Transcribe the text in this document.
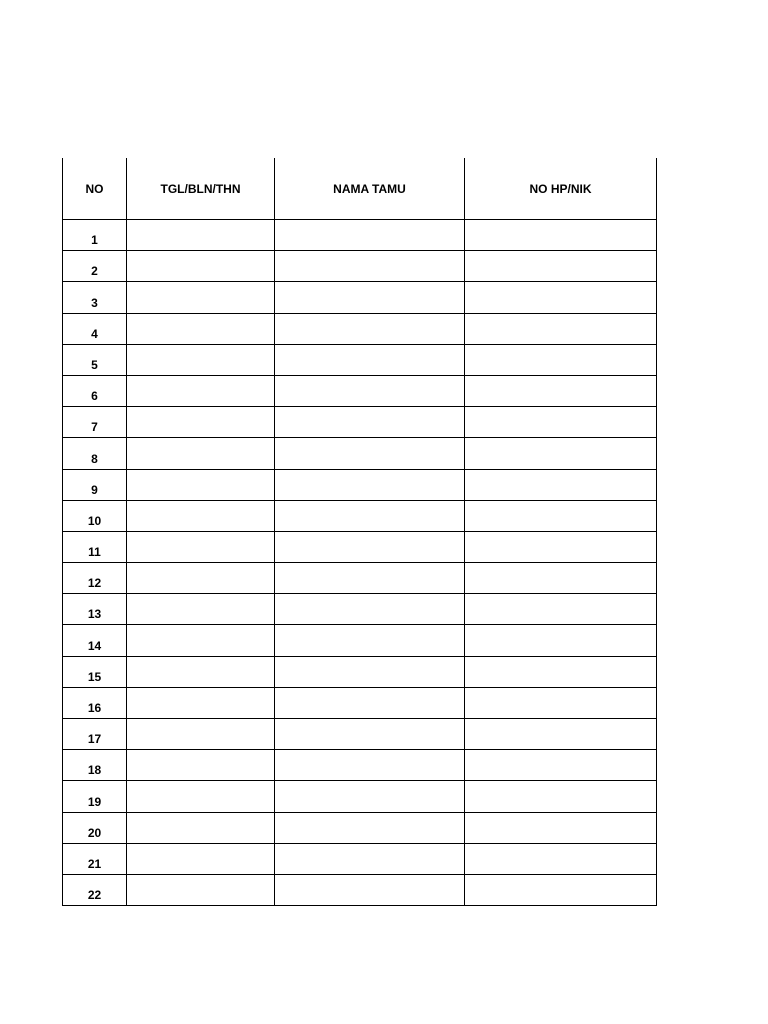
NO	TGL/BLN/THN	NAMA TAMU	NO HP/NIK
1			
2			
3			
4			
5			
6			
7			
8			
9			
10			
11			
12			
13			
14			
15			
16			
17			
18			
19			
20			
21			
22			
